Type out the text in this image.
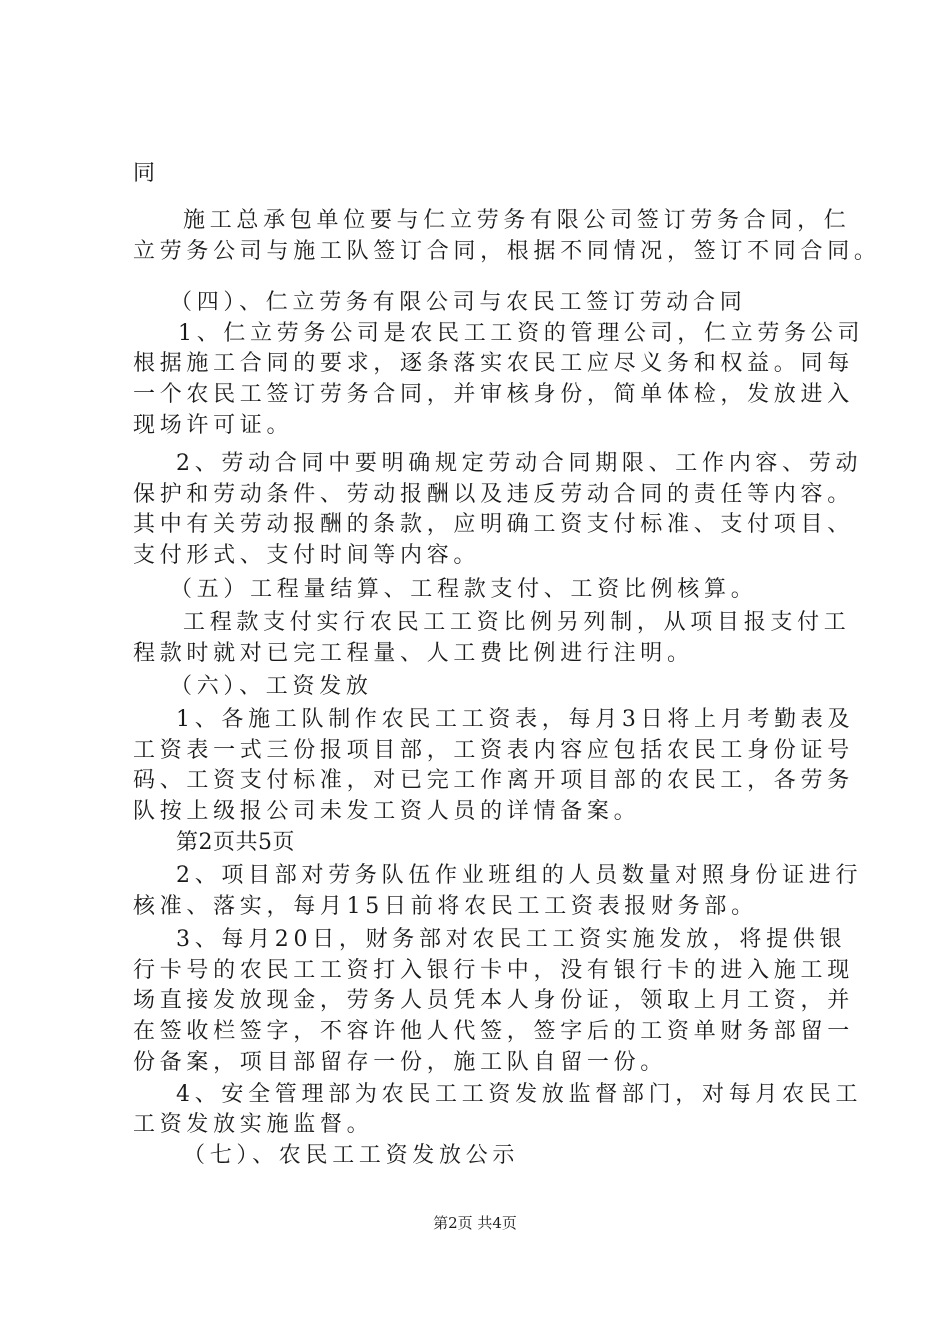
同
施工总承包单位要与仁立劳务有限公司签订劳务合同，仁
立劳务公司与施工队签订合同，根据不同情况，签订不同合同。
（四）、仁立劳务有限公司与农民工签订劳动合同
1、仁立劳务公司是农民工工资的管理公司，仁立劳务公司
根据施工合同的要求，逐条落实农民工应尽义务和权益。同每
一个农民工签订劳务合同，并审核身份，简单体检，发放进入
现场许可证。
2、劳动合同中要明确规定劳动合同期限、工作内容、劳动
保护和劳动条件、劳动报酬以及违反劳动合同的责任等内容。
其中有关劳动报酬的条款，应明确工资支付标准、支付项目、
支付形式、支付时间等内容。
（五）工程量结算、工程款支付、工资比例核算。
工程款支付实行农民工工资比例另列制，从项目报支付工
程款时就对已完工程量、人工费比例进行注明。
（六）、工资发放
1、各施工队制作农民工工资表，每月3日将上月考勤表及
工资表一式三份报项目部，工资表内容应包括农民工身份证号
码、工资支付标准，对已完工作离开项目部的农民工，各劳务
队按上级报公司未发工资人员的详情备案。
第2页共5页
2、项目部对劳务队伍作业班组的人员数量对照身份证进行
核准、落实，每月15日前将农民工工资表报财务部。
3、每月20日，财务部对农民工工资实施发放，将提供银
行卡号的农民工工资打入银行卡中，没有银行卡的进入施工现
场直接发放现金，劳务人员凭本人身份证，领取上月工资，并
在签收栏签字，不容许他人代签，签字后的工资单财务部留一
份备案，项目部留存一份，施工队自留一份。
4、安全管理部为农民工工资发放监督部门，对每月农民工
工资发放实施监督。
（七）、农民工工资发放公示
第2页 共4页
